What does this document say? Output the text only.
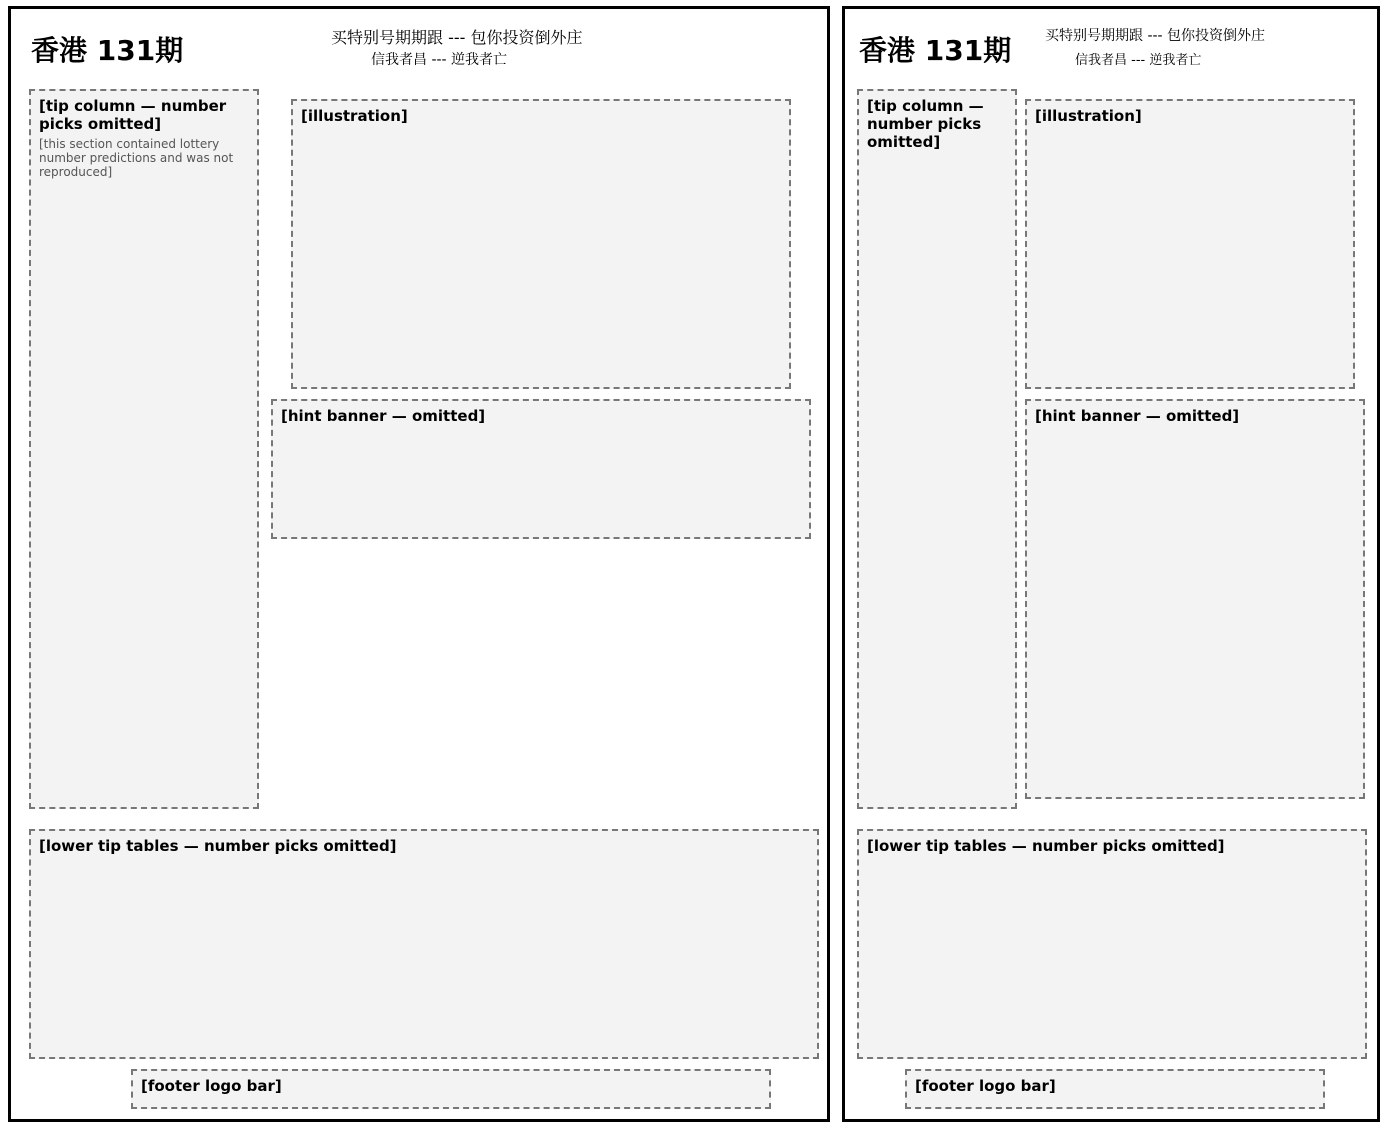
香港 131期	买特别号期期跟 --- 包你投资倒外庄
信我者昌 --- 逆我者亡
[tip column — number picks omitted]
[this section contained lottery number predictions and was not reproduced]
[illustration]
[hint banner — omitted]
[lower tip tables — number picks omitted]
[footer logo bar]
香港 131期 买特别号期期跟 --- 包你投资倒外庄
信我者昌 --- 逆我者亡
[tip column — number picks omitted]
[illustration]
[hint banner — omitted]
[lower tip tables — number picks omitted]
[footer logo bar]
